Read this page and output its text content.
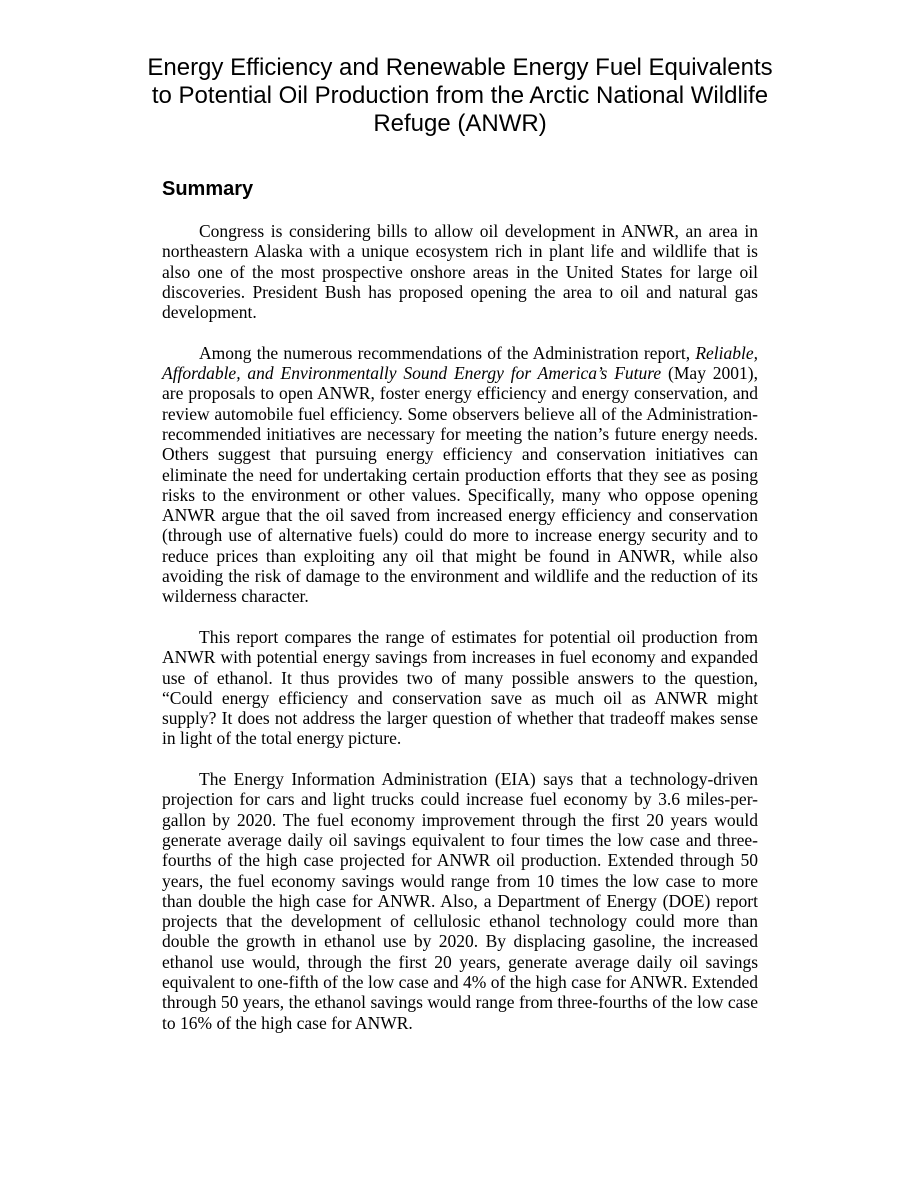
Energy Efficiency and Renewable Energy Fuel Equivalents to Potential Oil Production from the Arctic National Wildlife Refuge (ANWR)
Summary

Congress is considering bills to allow oil development in ANWR, an area in northeastern Alaska with a unique ecosystem rich in plant life and wildlife that is also one of the most prospective onshore areas in the United States for large oil discoveries. President Bush has proposed opening the area to oil and natural gas development.

Among the numerous recommendations of the Administration report, Reliable, Affordable, and Environmentally Sound Energy for America’s Future (May 2001), are proposals to open ANWR, foster energy efficiency and energy conservation, and review automobile fuel efficiency. Some observers believe all of the Administration-recommended initiatives are necessary for meeting the nation’s future energy needs. Others suggest that pursuing energy efficiency and conservation initiatives can eliminate the need for undertaking certain production efforts that they see as posing risks to the environment or other values. Specifically, many who oppose opening ANWR argue that the oil saved from increased energy efficiency and conservation (through use of alternative fuels) could do more to increase energy security and to reduce prices than exploiting any oil that might be found in ANWR, while also avoiding the risk of damage to the environment and wildlife and the reduction of its wilderness character.

This report compares the range of estimates for potential oil production from ANWR with potential energy savings from increases in fuel economy and expanded use of ethanol. It thus provides two of many possible answers to the question, “Could energy efficiency and conservation save as much oil as ANWR might supply? It does not address the larger question of whether that tradeoff makes sense in light of the total energy picture.

The Energy Information Administration (EIA) says that a technology-driven projection for cars and light trucks could increase fuel economy by 3.6 miles-per-gallon by 2020. The fuel economy improvement through the first 20 years would generate average daily oil savings equivalent to four times the low case and three-fourths of the high case projected for ANWR oil production. Extended through 50 years, the fuel economy savings would range from 10 times the low case to more than double the high case for ANWR. Also, a Department of Energy (DOE) report projects that the development of cellulosic ethanol technology could more than double the growth in ethanol use by 2020. By displacing gasoline, the increased ethanol use would, through the first 20 years, generate average daily oil savings equivalent to one-fifth of the low case and 4% of the high case for ANWR. Extended through 50 years, the ethanol savings would range from three-fourths of the low case to 16% of the high case for ANWR.
